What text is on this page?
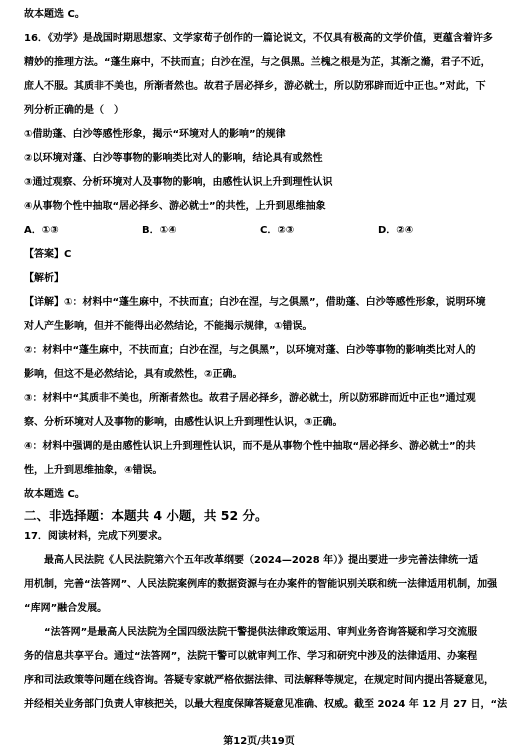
故本题选 C。
16．《劝学》是战国时期思想家、文学家荀子创作的一篇论说文，不仅具有极高的文学价值，更蕴含着许多
精妙的推理方法。“蓬生麻中，不扶而直；白沙在涅，与之俱黑。兰槐之根是为芷，其渐之滫，君子不近，
庶人不服。其质非不美也，所渐者然也。故君子居必择乡，游必就士，所以防邪辟而近中正也。”对此，下
列分析正确的是（　）
①借助蓬、白沙等感性形象，揭示“环境对人的影响”的规律
②以环境对蓬、白沙等事物的影响类比对人的影响，结论具有或然性
③通过观察、分析环境对人及事物的影响，由感性认识上升到理性认识
④从事物个性中抽取“居必择乡、游必就士”的共性，上升到思维抽象
A．①③	B．①④	C．②③	D．②④
【答案】C
【解析】
【详解】①：材料中“蓬生麻中，不扶而直；白沙在涅，与之俱黑”，借助蓬、白沙等感性形象，说明环境
对人产生影响，但并不能得出必然结论，不能揭示规律，①错误。
②：材料中“蓬生麻中，不扶而直；白沙在涅，与之俱黑”，以环境对蓬、白沙等事物的影响类比对人的
影响，但这不是必然结论，具有或然性，②正确。
③：材料中“其质非不美也，所渐者然也。故君子居必择乡，游必就士，所以防邪辟而近中正也”通过观
察、分析环境对人及事物的影响，由感性认识上升到理性认识，③正确。
④：材料中强调的是由感性认识上升到理性认识，而不是从事物个性中抽取“居必择乡、游必就士”的共
性，上升到思维抽象，④错误。
故本题选 C。
二、非选择题：本题共 4 小题，共 52 分。
17．阅读材料，完成下列要求。
最高人民法院《人民法院第六个五年改革纲要（2024—2028 年）》提出要进一步完善法律统一适
用机制，完善“法答网”、人民法院案例库的数据资源与在办案件的智能识别关联和统一法律适用机制，加强
“库网”融合发展。
“法答网”是最高人民法院为全国四级法院干警提供法律政策运用、审判业务咨询答疑和学习交流服
务的信息共享平台。通过“法答网”，法院干警可以就审判工作、学习和研究中涉及的法律适用、办案程
序和司法政策等问题在线咨询。答疑专家就严格依据法律、司法解释等规定，在规定时间内提出答疑意见，
并经相关业务部门负责人审核把关，以最大程度保障答疑意见准确、权威。截至 2024 年 12 月 27 日，“法
第12页/共19页
